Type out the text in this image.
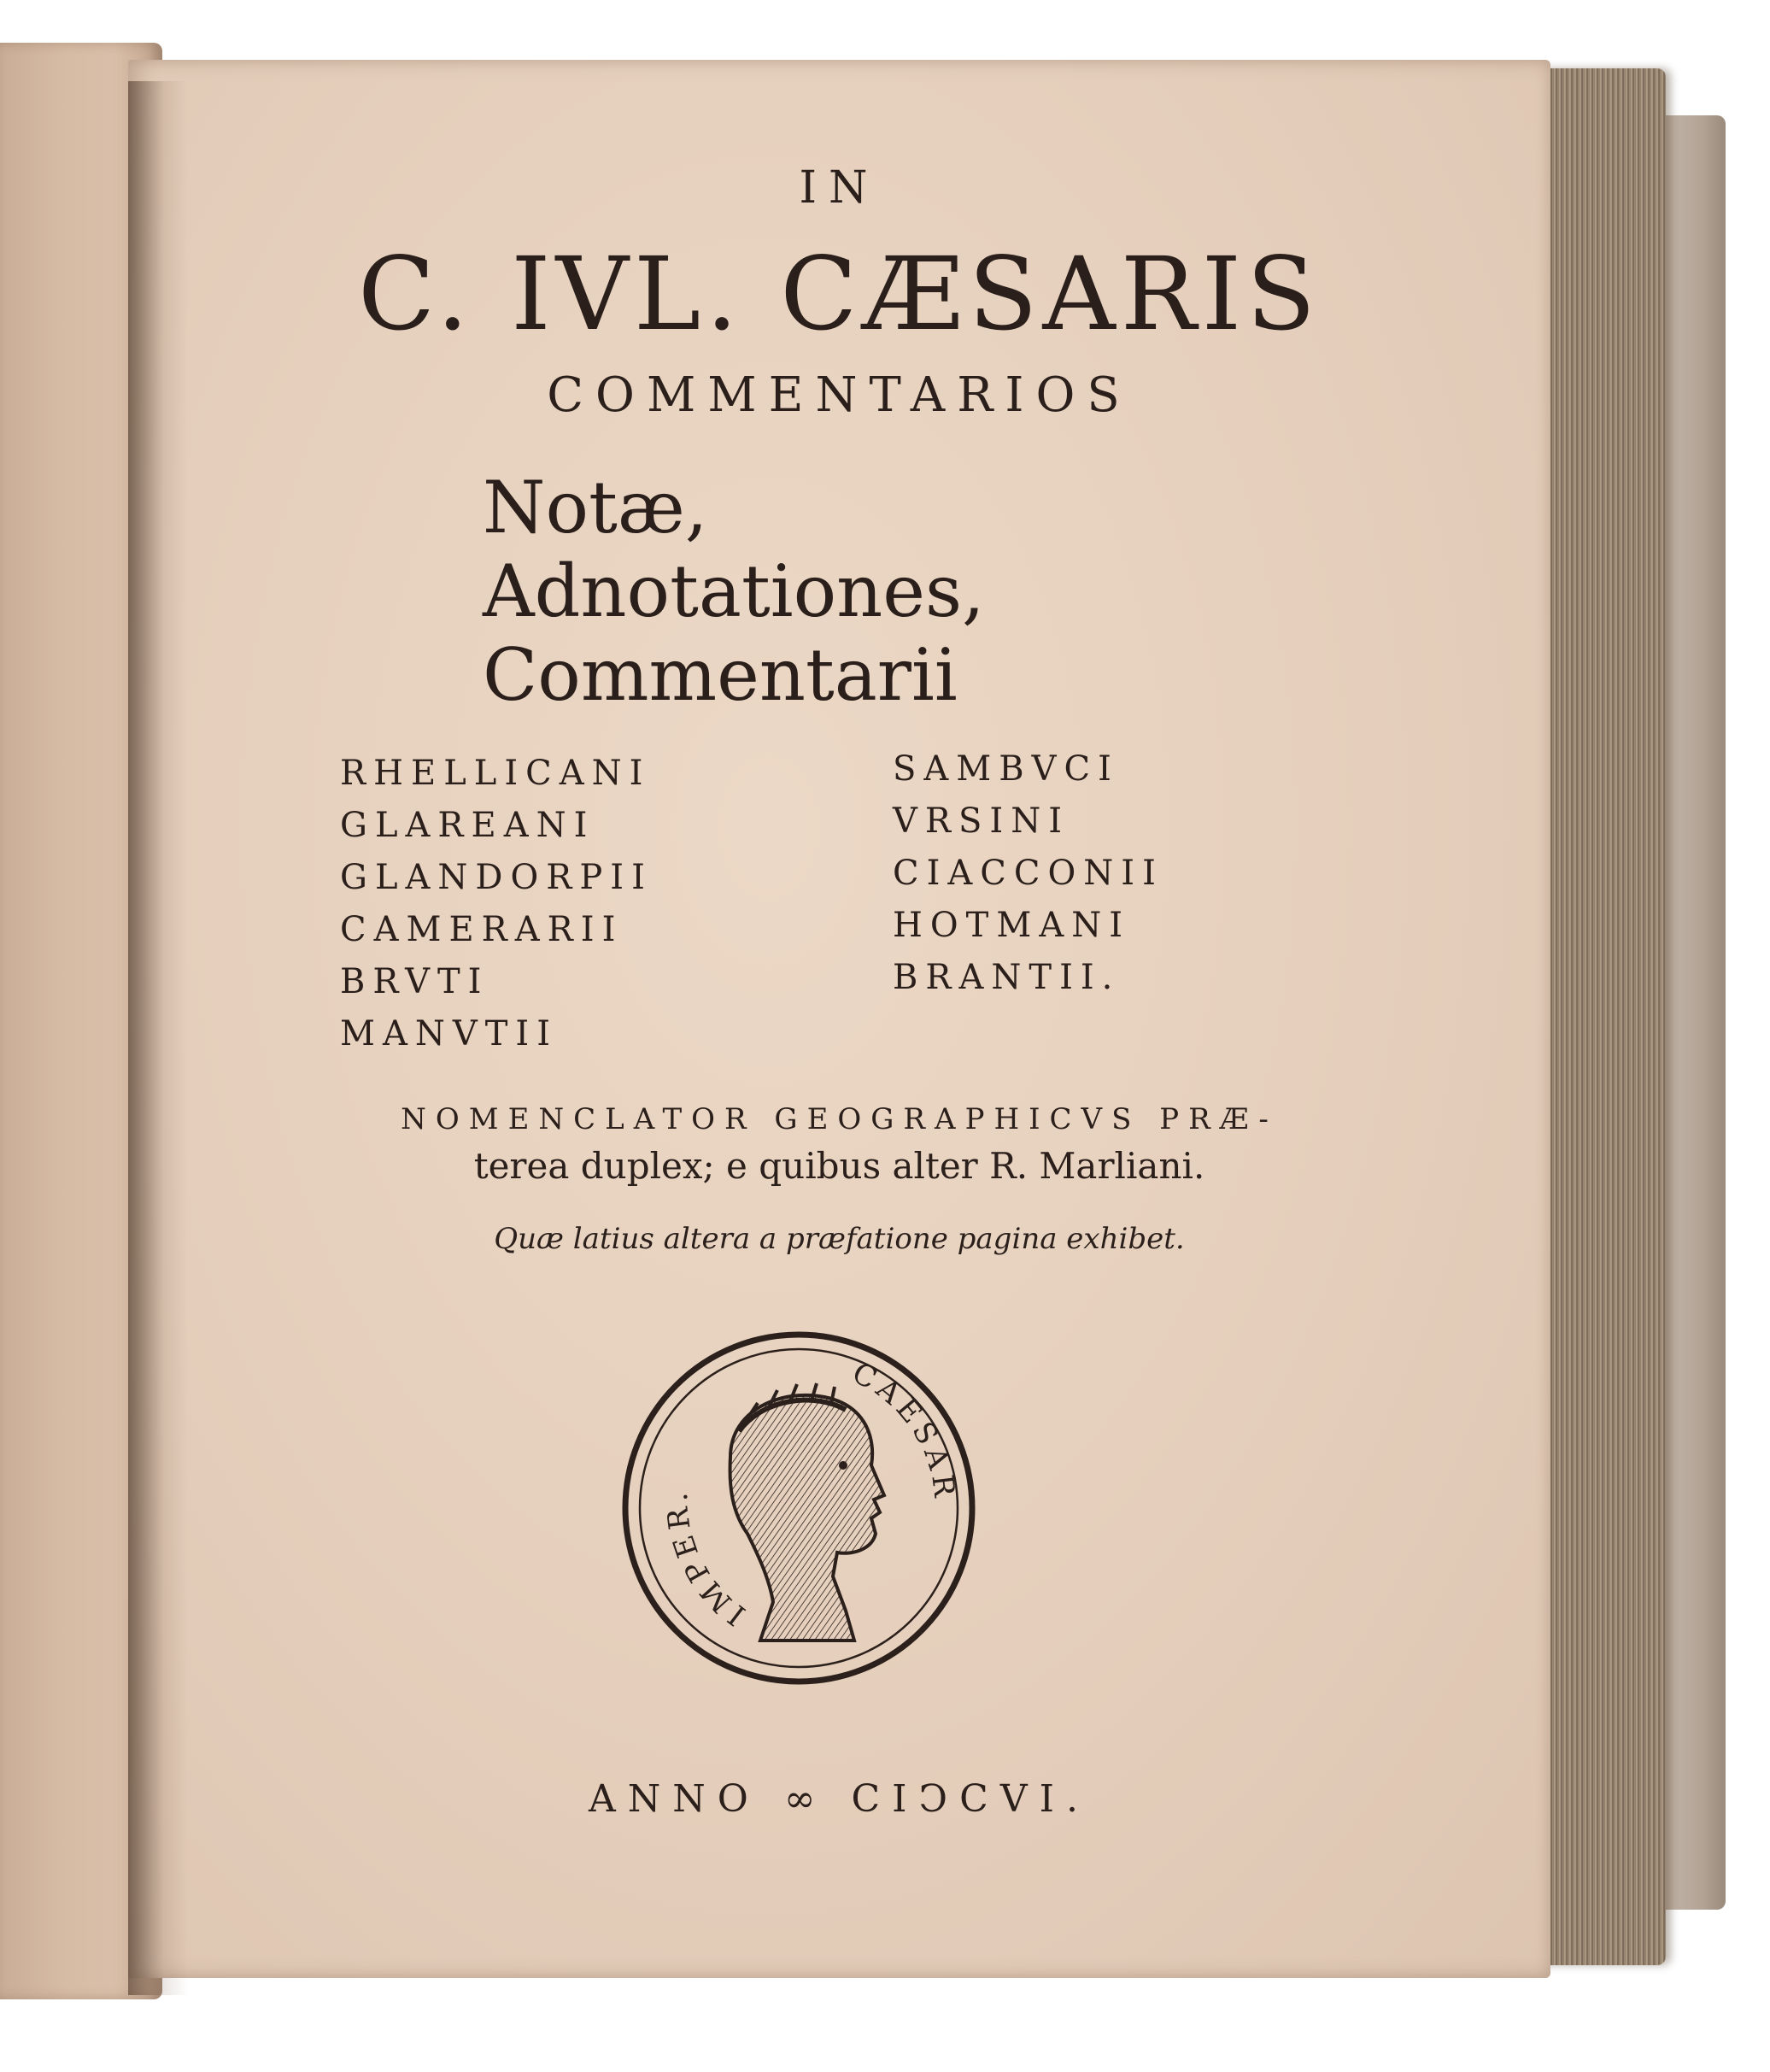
IN
C. IVL. CÆSARIS
COMMENTARIOS
Notæ,
Adnotationes,
Commentarii
RHELLICANI
GLAREANI
GLANDORPII
CAMERARII
BRVTI
MANVTII
SAMBVCI
VRSINI
CIACCONII
HOTMANI
BRANTII.
NOMENCLATOR GEOGRAPHICVS PRÆ-
terea duplex; e quibus alter R. Marliani.
Quæ latius altera a præfatione pagina exhibet.
IMPER.
CAESAR
ANNO ∞ CIϽCVI.
